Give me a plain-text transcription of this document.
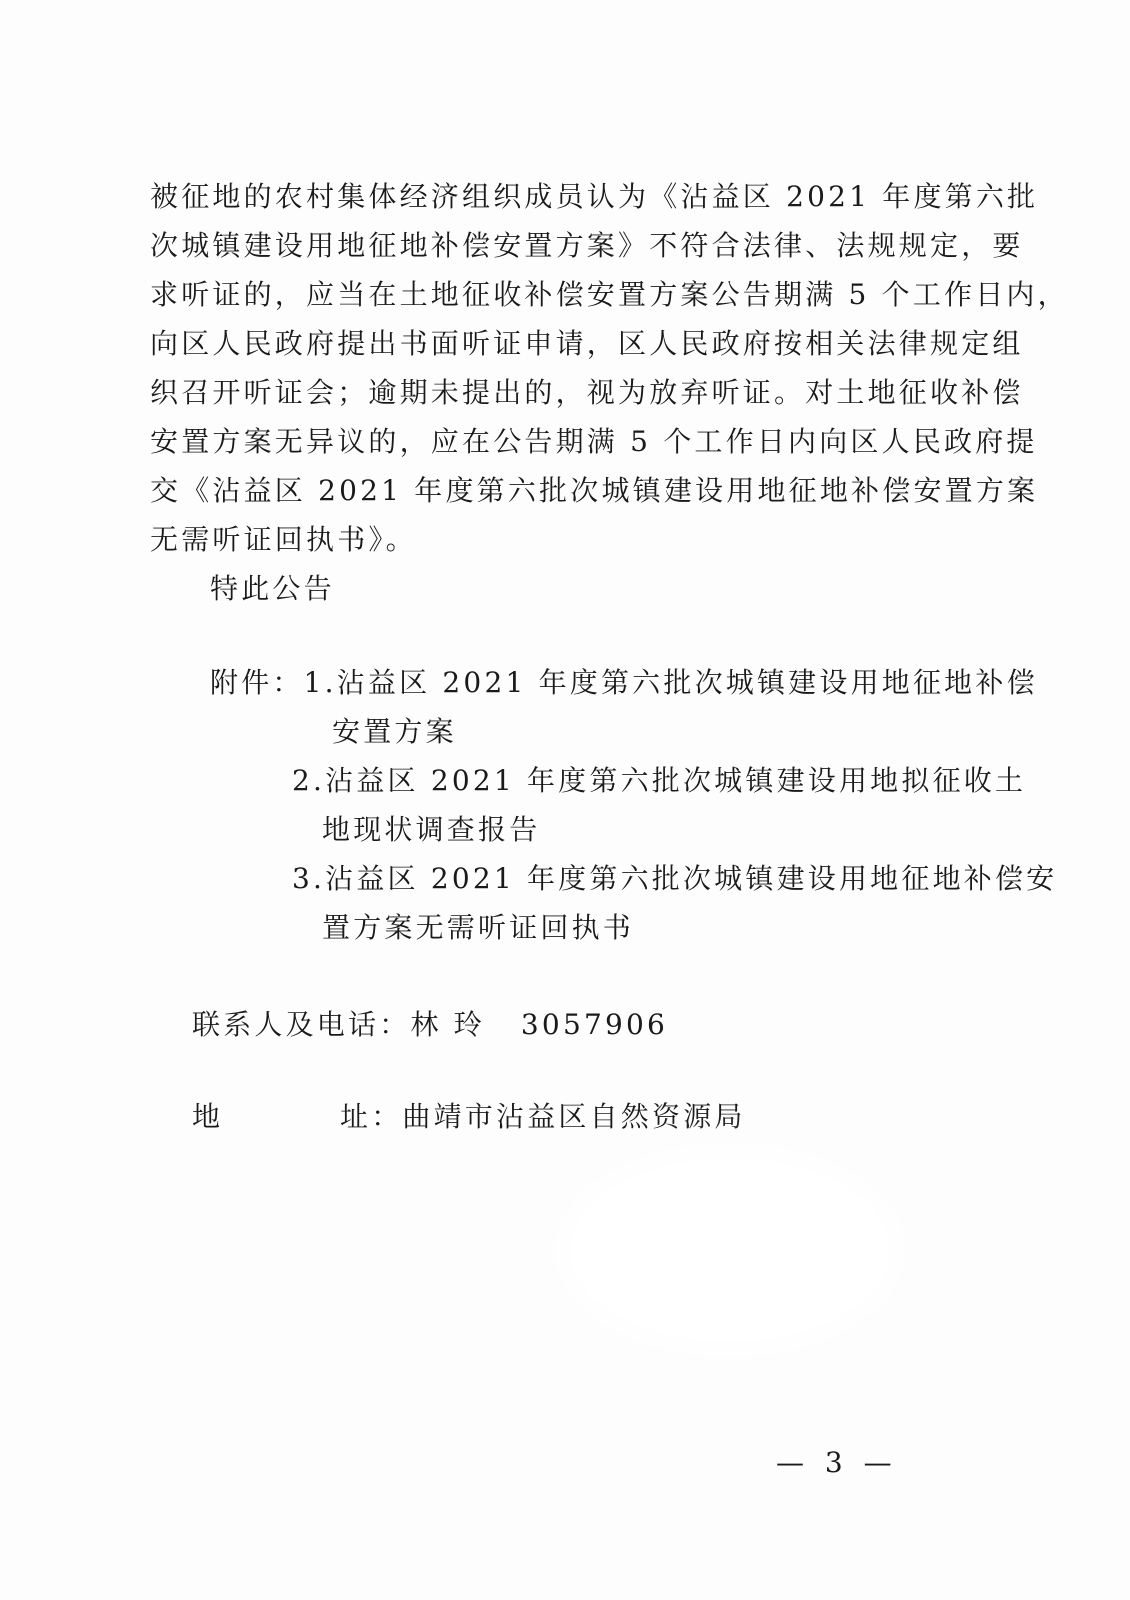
被征地的农村集体经济组织成员认为《沾益区 2021 年度第六批
次城镇建设用地征地补偿安置方案》不符合法律、法规规定，要
求听证的，应当在土地征收补偿安置方案公告期满 5 个工作日内，
向区人民政府提出书面听证申请，区人民政府按相关法律规定组
织召开听证会；逾期未提出的，视为放弃听证。对土地征收补偿
安置方案无异议的，应在公告期满 5 个工作日内向区人民政府提
交《沾益区 2021 年度第六批次城镇建设用地征地补偿安置方案
无需听证回执书》。
特此公告
附件：1.沾益区 2021 年度第六批次城镇建设用地征地补偿
安置方案
2.沾益区 2021 年度第六批次城镇建设用地拟征收土
地现状调查报告
3.沾益区 2021 年度第六批次城镇建设用地征地补偿安
置方案无需听证回执书
联系人及电话：林 玲 3057906
地	址：曲靖市沾益区自然资源局
— 3 —
